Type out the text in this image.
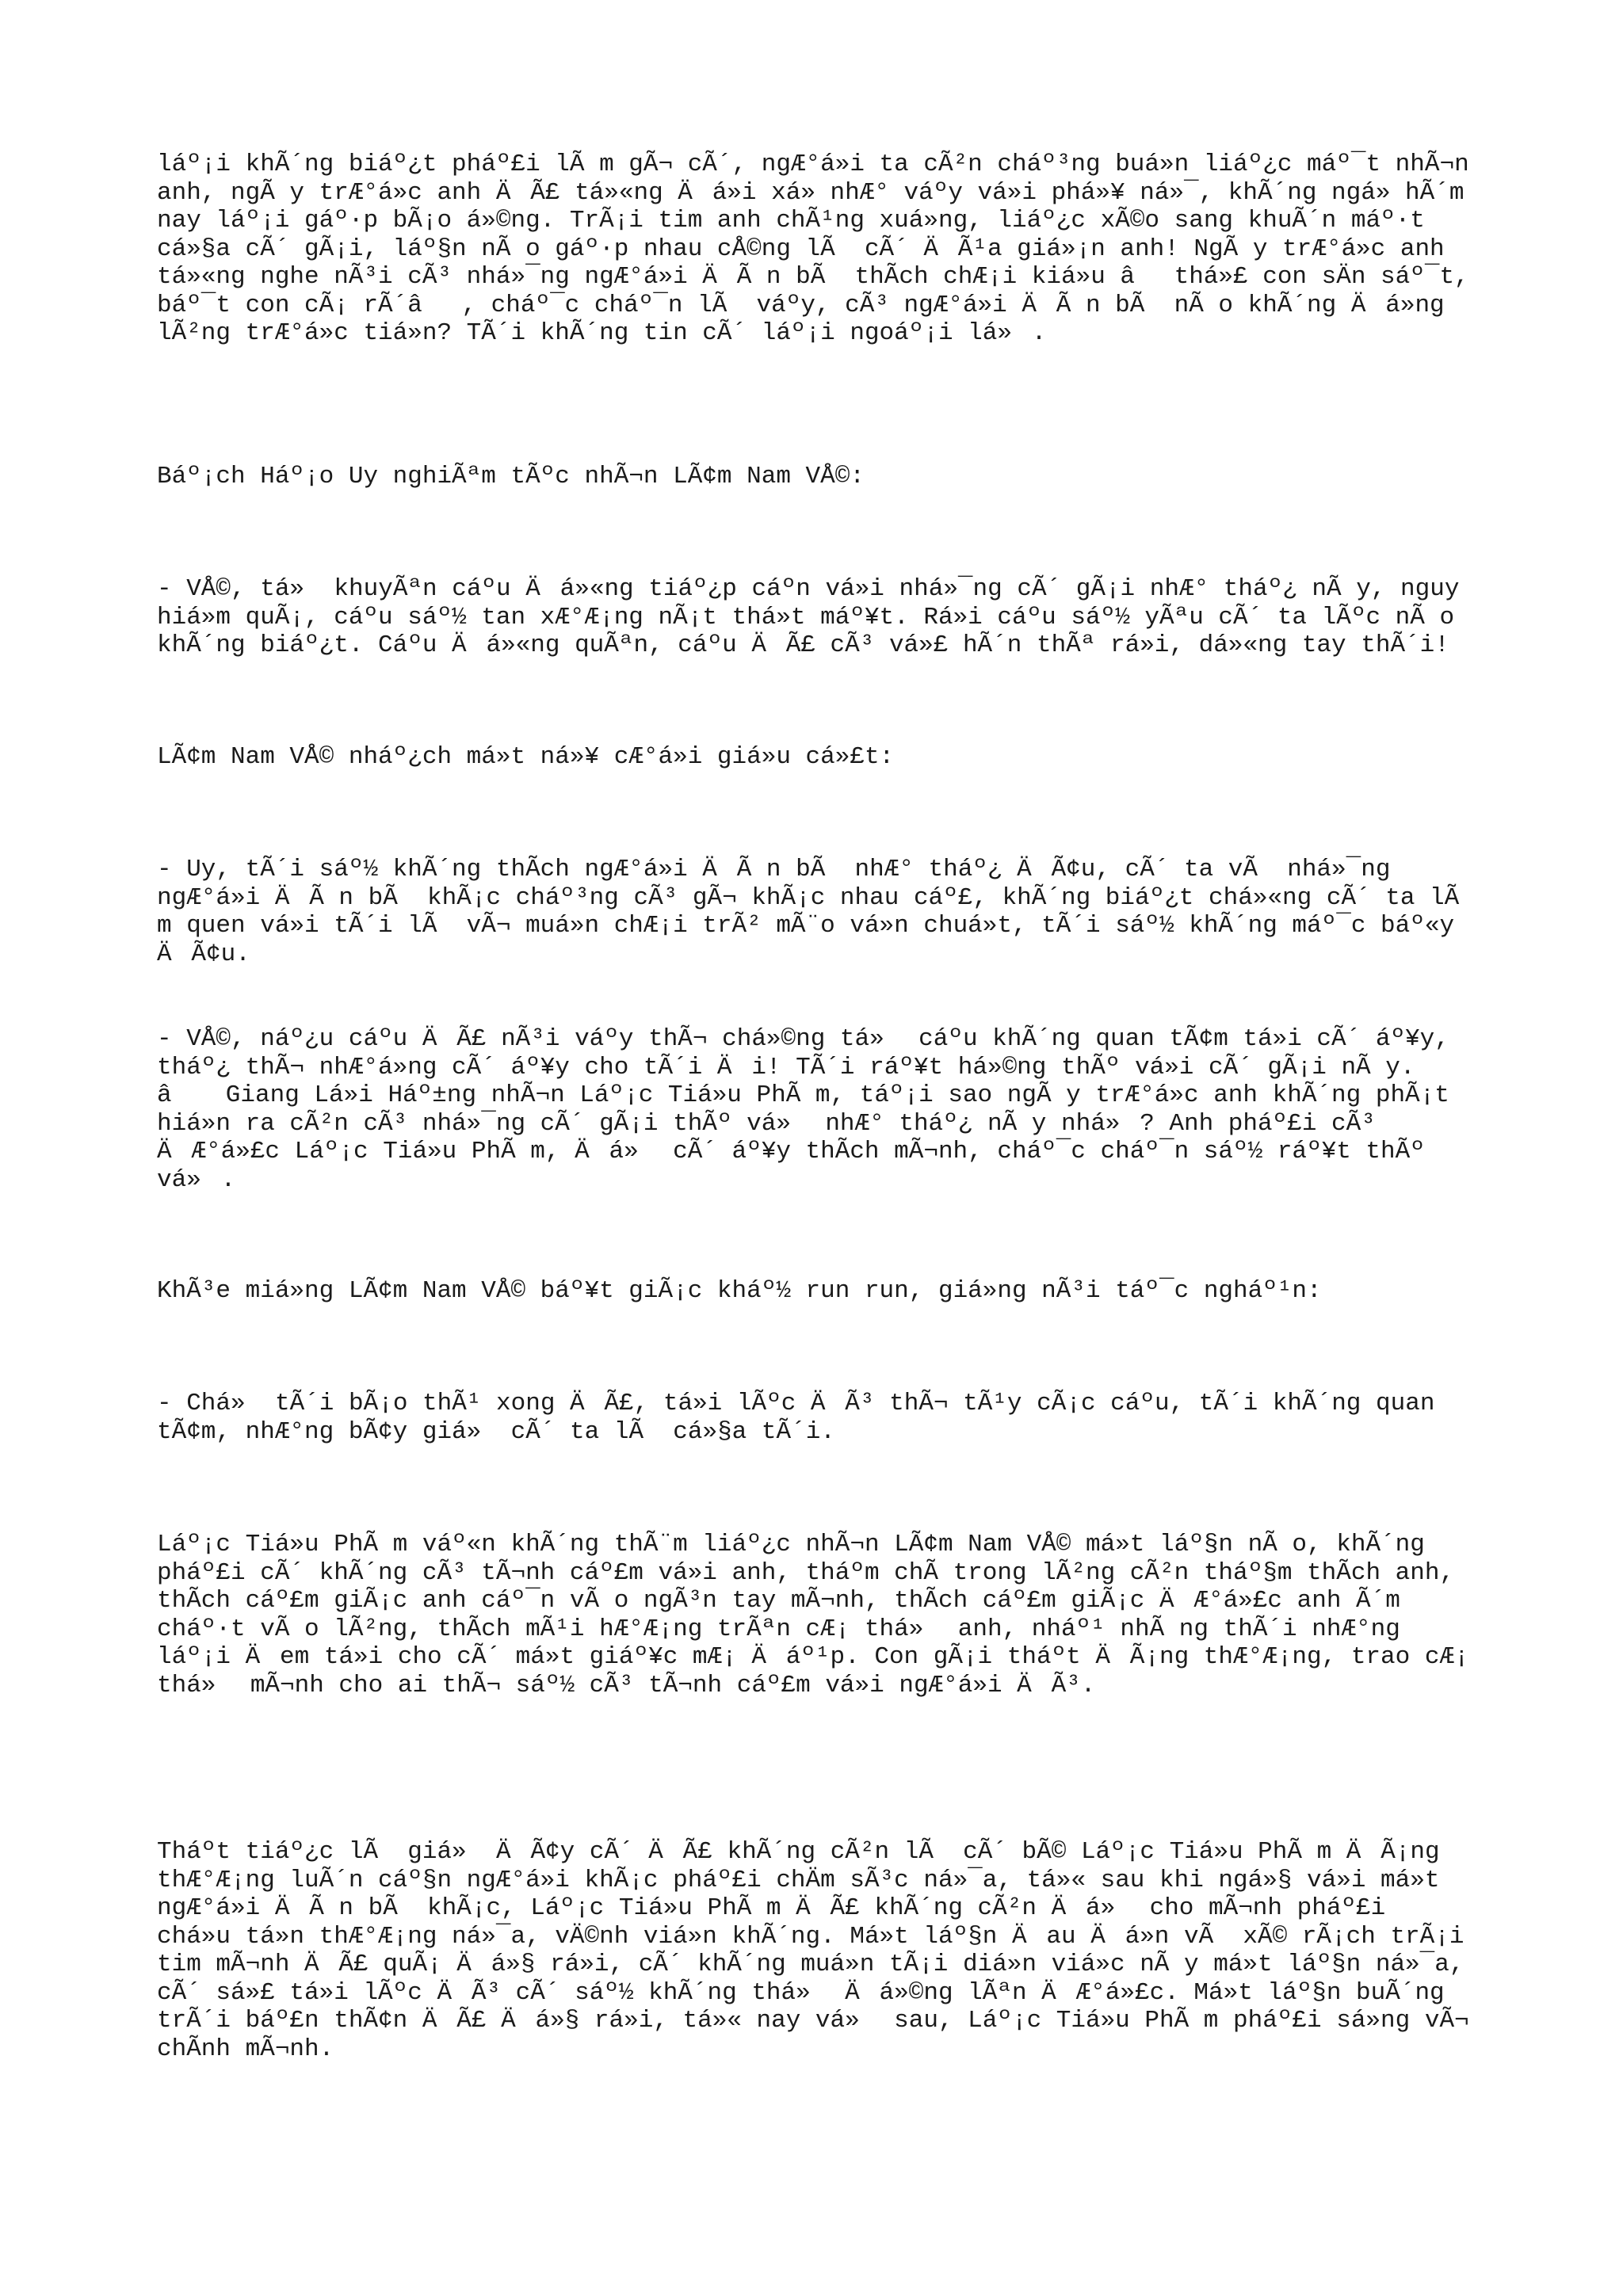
láº¡i khÃ´ng biáº¿t pháº£i lÃ m gÃ¬ cÃ´, ngÆ°á»i ta cÃ²n cháº³ng buá»n liáº¿c máº¯t nhÃ¬n anh, ngÃ y trÆ°á»c anh ÄÃ£ tá»«ng Äá»i xá» nhÆ° váºy vá»i phá»¥ ná»¯, khÃ´ng ngá» hÃ´m nay láº¡i gáº·p bÃ¡o á»©ng. TrÃ¡i tim anh chÃ¹ng xuá»ng, liáº¿c xÃ©o sang khuÃ´n máº·t cá»§a cÃ´ gÃ¡i, láº§n nÃ o gáº·p nhau cÅ©ng lÃ  cÃ´ ÄÃ¹a giá»¡n anh! NgÃ y trÆ°á»c anh tá»«ng nghe nÃ³i cÃ³ nhá»¯ng ngÆ°á»i ÄÃ n bÃ  thÃch chÆ¡i kiá»u âthá»£ con sÄn sáº¯t, báº¯t con cÃ¡ rÃ´â, cháº¯c cháº¯n lÃ  váºy, cÃ³ ngÆ°á»i ÄÃ n bÃ  nÃ o khÃ´ng Äá»ng lÃ²ng trÆ°á»c tiá»n? TÃ´i khÃ´ng tin cÃ´ láº¡i ngoáº¡i lá».

Báº¡ch Háº¡o Uy nghiÃªm tÃºc nhÃ¬n LÃ¢m Nam VÅ©:

- VÅ©, tá» khuyÃªn cáºu Äá»«ng tiáº¿p cáºn vá»i nhá»¯ng cÃ´ gÃ¡i nhÆ° tháº¿ nÃ y, nguy hiá»m quÃ¡, cáºu sáº½ tan xÆ°Æ¡ng nÃ¡t thá»t máº¥t. Rá»i cáºu sáº½ yÃªu cÃ´ ta lÃºc nÃ o khÃ´ng biáº¿t. Cáºu Äá»«ng quÃªn, cáºu ÄÃ£ cÃ³ vá»£ hÃ´n thÃª rá»i, dá»«ng tay thÃ´i!

LÃ¢m Nam VÅ© nháº¿ch má»t ná»¥ cÆ°á»i giá»u cá»£t:

- Uy, tÃ´i sáº½ khÃ´ng thÃch ngÆ°á»i ÄÃ n bÃ  nhÆ° tháº¿ ÄÃ¢u, cÃ´ ta vÃ  nhá»¯ng ngÆ°á»i ÄÃ n bÃ  khÃ¡c cháº³ng cÃ³ gÃ¬ khÃ¡c nhau cáº£, khÃ´ng biáº¿t chá»«ng cÃ´ ta lÃ m quen vá»i tÃ´i lÃ  vÃ¬ muá»n chÆ¡i trÃ² mÃ¨o vá»n chuá»t, tÃ´i sáº½ khÃ´ng máº¯c báº«y ÄÃ¢u.

- VÅ©, náº¿u cáºu ÄÃ£ nÃ³i váºy thÃ¬ chá»©ng tá» cáºu khÃ´ng quan tÃ¢m tá»i cÃ´ áº¥y, tháº¿ thÃ¬ nhÆ°á»ng cÃ´ áº¥y cho tÃ´i Äi! TÃ´i ráº¥t há»©ng thÃº vá»i cÃ´ gÃ¡i nÃ y. â Giang Lá»i Háº±ng nhÃ¬n Láº¡c Tiá»u PhÃ m, táº¡i sao ngÃ y trÆ°á»c anh khÃ´ng phÃ¡t hiá»n ra cÃ²n cÃ³ nhá»¯ng cÃ´ gÃ¡i thÃº vá» nhÆ° tháº¿ nÃ y nhá»? Anh pháº£i cÃ³ ÄÆ°á»£c Láº¡c Tiá»u PhÃ m, Äá» cÃ´ áº¥y thÃch mÃ¬nh, cháº¯c cháº¯n sáº½ ráº¥t thÃº vá».

KhÃ³e miá»ng LÃ¢m Nam VÅ© báº¥t giÃ¡c kháº½ run run, giá»ng nÃ³i táº¯c ngháº¹n:

- Chá» tÃ´i bÃ¡o thÃ¹ xong ÄÃ£, tá»i lÃºc ÄÃ³ thÃ¬ tÃ¹y cÃ¡c cáºu, tÃ´i khÃ´ng quan tÃ¢m, nhÆ°ng bÃ¢y giá» cÃ´ ta lÃ  cá»§a tÃ´i.

Láº¡c Tiá»u PhÃ m váº«n khÃ´ng thÃ¨m liáº¿c nhÃ¬n LÃ¢m Nam VÅ© má»t láº§n nÃ o, khÃ´ng pháº£i cÃ´ khÃ´ng cÃ³ tÃ¬nh cáº£m vá»i anh, tháºm chÃ trong lÃ²ng cÃ²n tháº§m thÃch anh, thÃch cáº£m giÃ¡c anh cáº¯n vÃ o ngÃ³n tay mÃ¬nh, thÃch cáº£m giÃ¡c ÄÆ°á»£c anh Ã´m cháº·t vÃ o lÃ²ng, thÃch mÃ¹i hÆ°Æ¡ng trÃªn cÆ¡ thá» anh, nháº¹ nhÃ ng thÃ´i nhÆ°ng láº¡i Äem tá»i cho cÃ´ má»t giáº¥c mÆ¡ Äáº¹p. Con gÃ¡i tháºt ÄÃ¡ng thÆ°Æ¡ng, trao cÆ¡ thá» mÃ¬nh cho ai thÃ¬ sáº½ cÃ³ tÃ¬nh cáº£m vá»i ngÆ°á»i ÄÃ³.

Tháºt tiáº¿c lÃ  giá» ÄÃ¢y cÃ´ ÄÃ£ khÃ´ng cÃ²n lÃ  cÃ´ bÃ© Láº¡c Tiá»u PhÃ m ÄÃ¡ng thÆ°Æ¡ng luÃ´n cáº§n ngÆ°á»i khÃ¡c pháº£i chÄm sÃ³c ná»¯a, tá»« sau khi ngá»§ vá»i má»t ngÆ°á»i ÄÃ n bÃ  khÃ¡c, Láº¡c Tiá»u PhÃ m ÄÃ£ khÃ´ng cÃ²n Äá» cho mÃ¬nh pháº£i chá»u tá»n thÆ°Æ¡ng ná»¯a, vÄ©nh viá»n khÃ´ng. Má»t láº§n Äau Äá»n vÃ  xÃ© rÃ¡ch trÃ¡i tim mÃ¬nh ÄÃ£ quÃ¡ Äá»§ rá»i, cÃ´ khÃ´ng muá»n tÃ¡i diá»n viá»c nÃ y má»t láº§n ná»¯a, cÃ´ sá»£ tá»i lÃºc ÄÃ³ cÃ´ sáº½ khÃ´ng thá» Äá»©ng lÃªn ÄÆ°á»£c. Má»t láº§n buÃ´ng trÃ´i báº£n thÃ¢n ÄÃ£ Äá»§ rá»i, tá»« nay vá» sau, Láº¡c Tiá»u PhÃ m pháº£i sá»ng vÃ¬ chÃnh mÃ¬nh.
